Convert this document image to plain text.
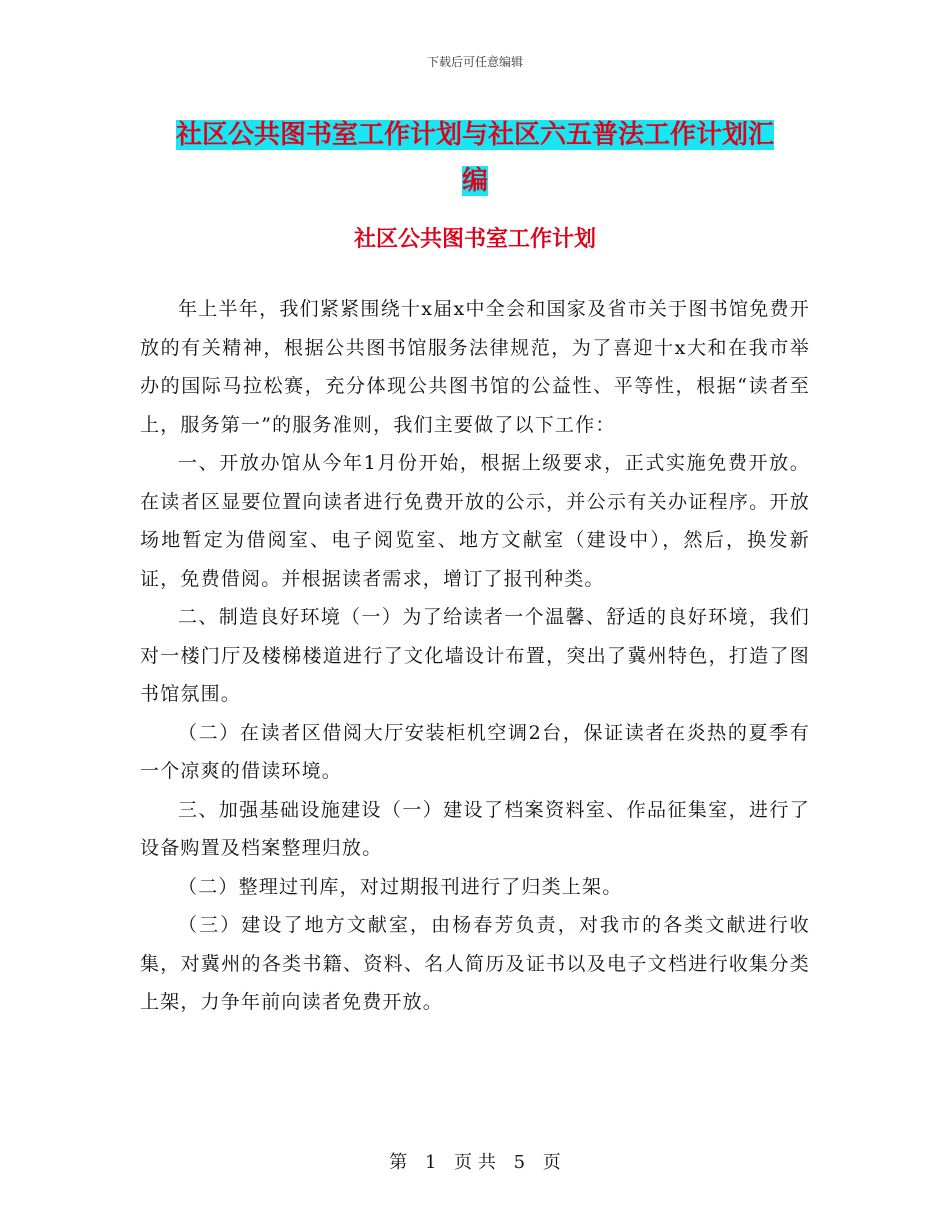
下载后可任意编辑
社区公共图书室工作计划与社区六五普法工作计划汇
编
社区公共图书室工作计划

年上半年，我们紧紧围绕十x届x中全会和国家及省市关于图书馆免费开放的有关精神，根据公共图书馆服务法律规范，为了喜迎十x大和在我市举办的国际马拉松赛，充分体现公共图书馆的公益性、平等性，根据“读者至上，服务第一”的服务准则，我们主要做了以下工作：

一、开放办馆从今年1月份开始，根据上级要求，正式实施免费开放。在读者区显要位置向读者进行免费开放的公示，并公示有关办证程序。开放场地暂定为借阅室、电子阅览室、地方文献室（建设中），然后，换发新证，免费借阅。并根据读者需求，增订了报刊种类。

二、制造良好环境（一）为了给读者一个温馨、舒适的良好环境，我们对一楼门厅及楼梯楼道进行了文化墙设计布置，突出了冀州特色，打造了图书馆氛围。

（二）在读者区借阅大厅安装柜机空调2台，保证读者在炎热的夏季有一个凉爽的借读环境。

三、加强基础设施建设（一）建设了档案资料室、作品征集室，进行了设备购置及档案整理归放。

（二）整理过刊库，对过期报刊进行了归类上架。

（三）建设了地方文献室，由杨春芳负责，对我市的各类文献进行收集，对冀州的各类书籍、资料、名人简历及证书以及电子文档进行收集分类上架，力争年前向读者免费开放。

第 1 页 共 5 页
